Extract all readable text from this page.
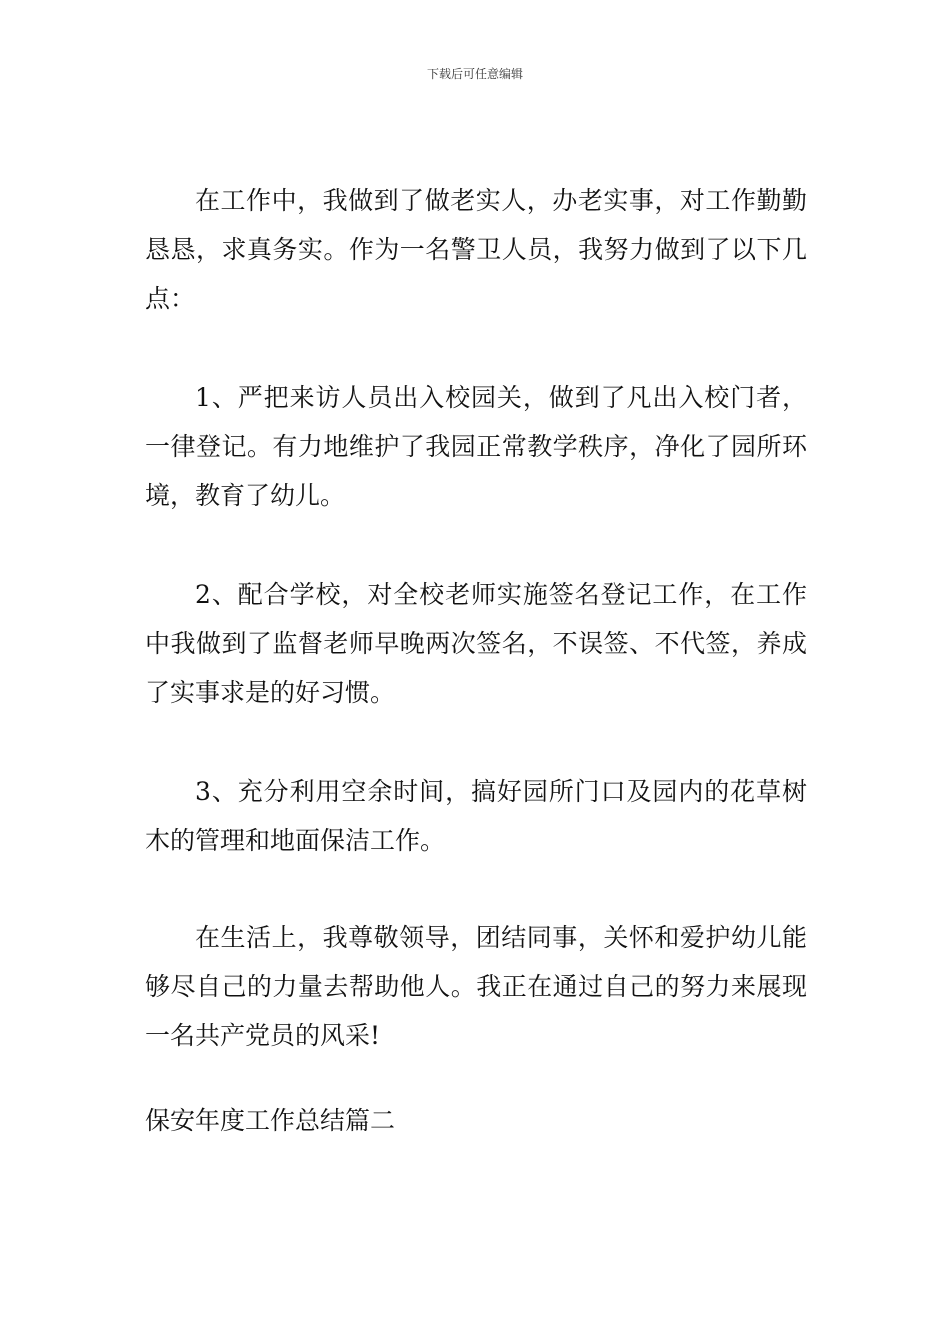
下载后可任意编辑

在工作中，我做到了做老实人，办老实事，对工作勤勤恳恳，求真务实。作为一名警卫人员，我努力做到了以下几点：

1、严把来访人员出入校园关，做到了凡出入校门者，一律登记。有力地维护了我园正常教学秩序，净化了园所环境，教育了幼儿。

2、配合学校，对全校老师实施签名登记工作，在工作中我做到了监督老师早晚两次签名，不误签、不代签，养成了实事求是的好习惯。

3、充分利用空余时间，搞好园所门口及园内的花草树木的管理和地面保洁工作。

在生活上，我尊敬领导，团结同事，关怀和爱护幼儿能够尽自己的力量去帮助他人。我正在通过自己的努力来展现一名共产党员的风采!

保安年度工作总结篇二
